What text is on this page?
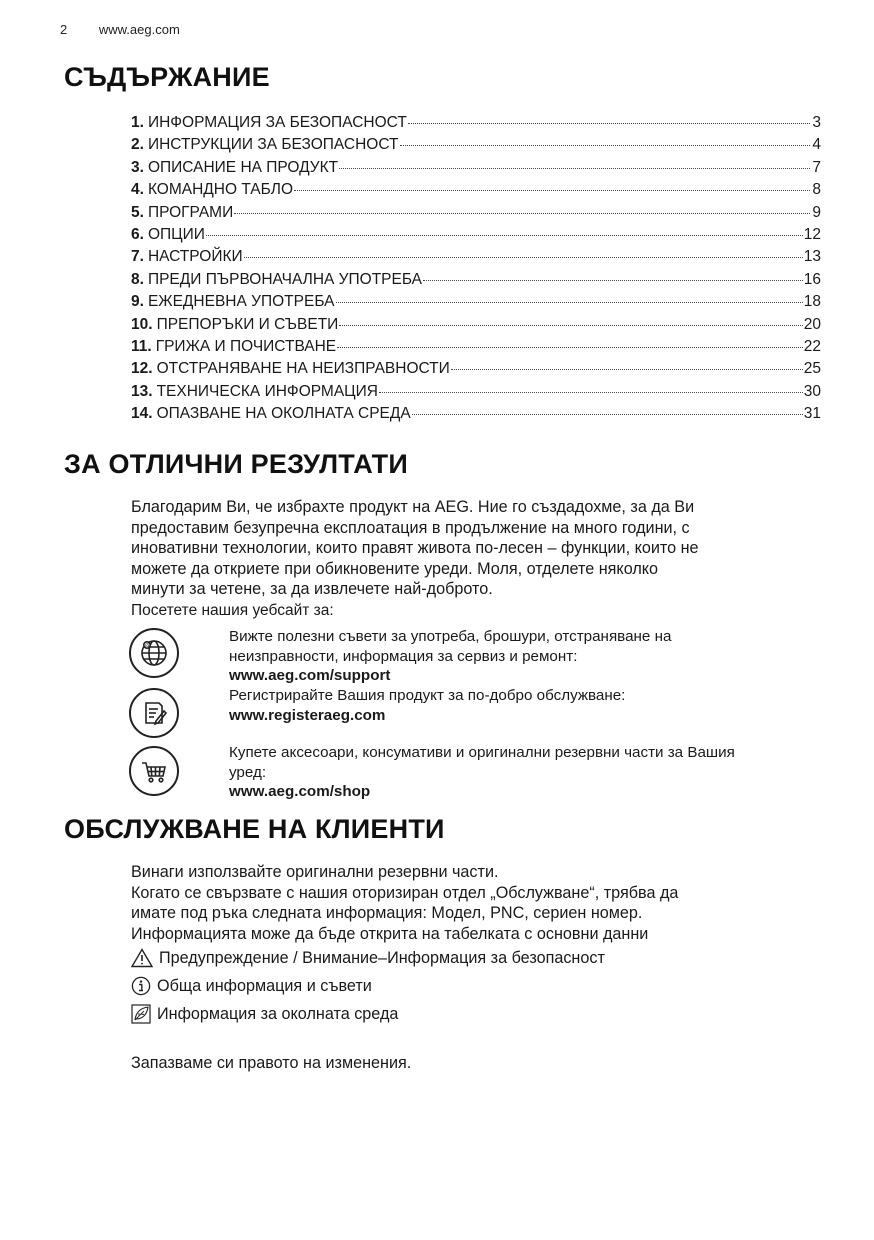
2 www.aeg.com
СЪДЪРЖАНИЕ
1. ИНФОРМАЦИЯ ЗА БЕЗОПАСНОСТ	3
2. ИНСТРУКЦИИ ЗА БЕЗОПАСНОСТ	4
3. ОПИСАНИЕ НА ПРОДУКТ	7
4. КОМАНДНО ТАБЛО	8
5. ПРОГРАМИ	9
6. ОПЦИИ	12
7. НАСТРОЙКИ	13
8. ПРЕДИ ПЪРВОНАЧАЛНА УПОТРЕБА	16
9. ЕЖЕДНЕВНА УПОТРЕБА	18
10. ПРЕПОРЪКИ И СЪВЕТИ	20
11. ГРИЖА И ПОЧИСТВАНЕ	22
12. ОТСТРАНЯВАНЕ НА НЕИЗПРАВНОСТИ	25
13. ТЕХНИЧЕСКА ИНФОРМАЦИЯ	30
14. ОПАЗВАНЕ НА ОКОЛНАТА СРЕДА	31
ЗА ОТЛИЧНИ РЕЗУЛТАТИ
Благодарим Ви, че избрахте продукт на AEG. Ние го създадохме, за да Ви
предоставим безупречна експлоатация в продължение на много години, с
иновативни технологии, които правят живота по-лесен – функции, които не
можете да откриете при обикновените уреди. Моля, отделете няколко
минути за четене, за да извлечете най-доброто.
Посетете нашия уебсайт за:
@
Вижте полезни съвети за употреба, брошури, отстраняване на
неизправности, информация за сервиз и ремонт:
www.aeg.com/support
Регистрирайте Вашия продукт за по-добро обслужване:
www.registeraeg.com
Купете аксесоари, консумативи и оригинални резервни части за Вашия
уред:
www.aeg.com/shop
ОБСЛУЖВАНЕ НА КЛИЕНТИ
Винаги използвайте оригинални резервни части.
Когато се свързвате с нашия оторизиран отдел „Обслужване“, трябва да
имате под ръка следната информация: Модел, PNC, сериен номер.
Информацията може да бъде открита на табелката с основни данни
Предупреждение / Внимание–Информация за безопасност
Обща информация и съвети
Информация за околната среда
Запазваме си правото на изменения.
